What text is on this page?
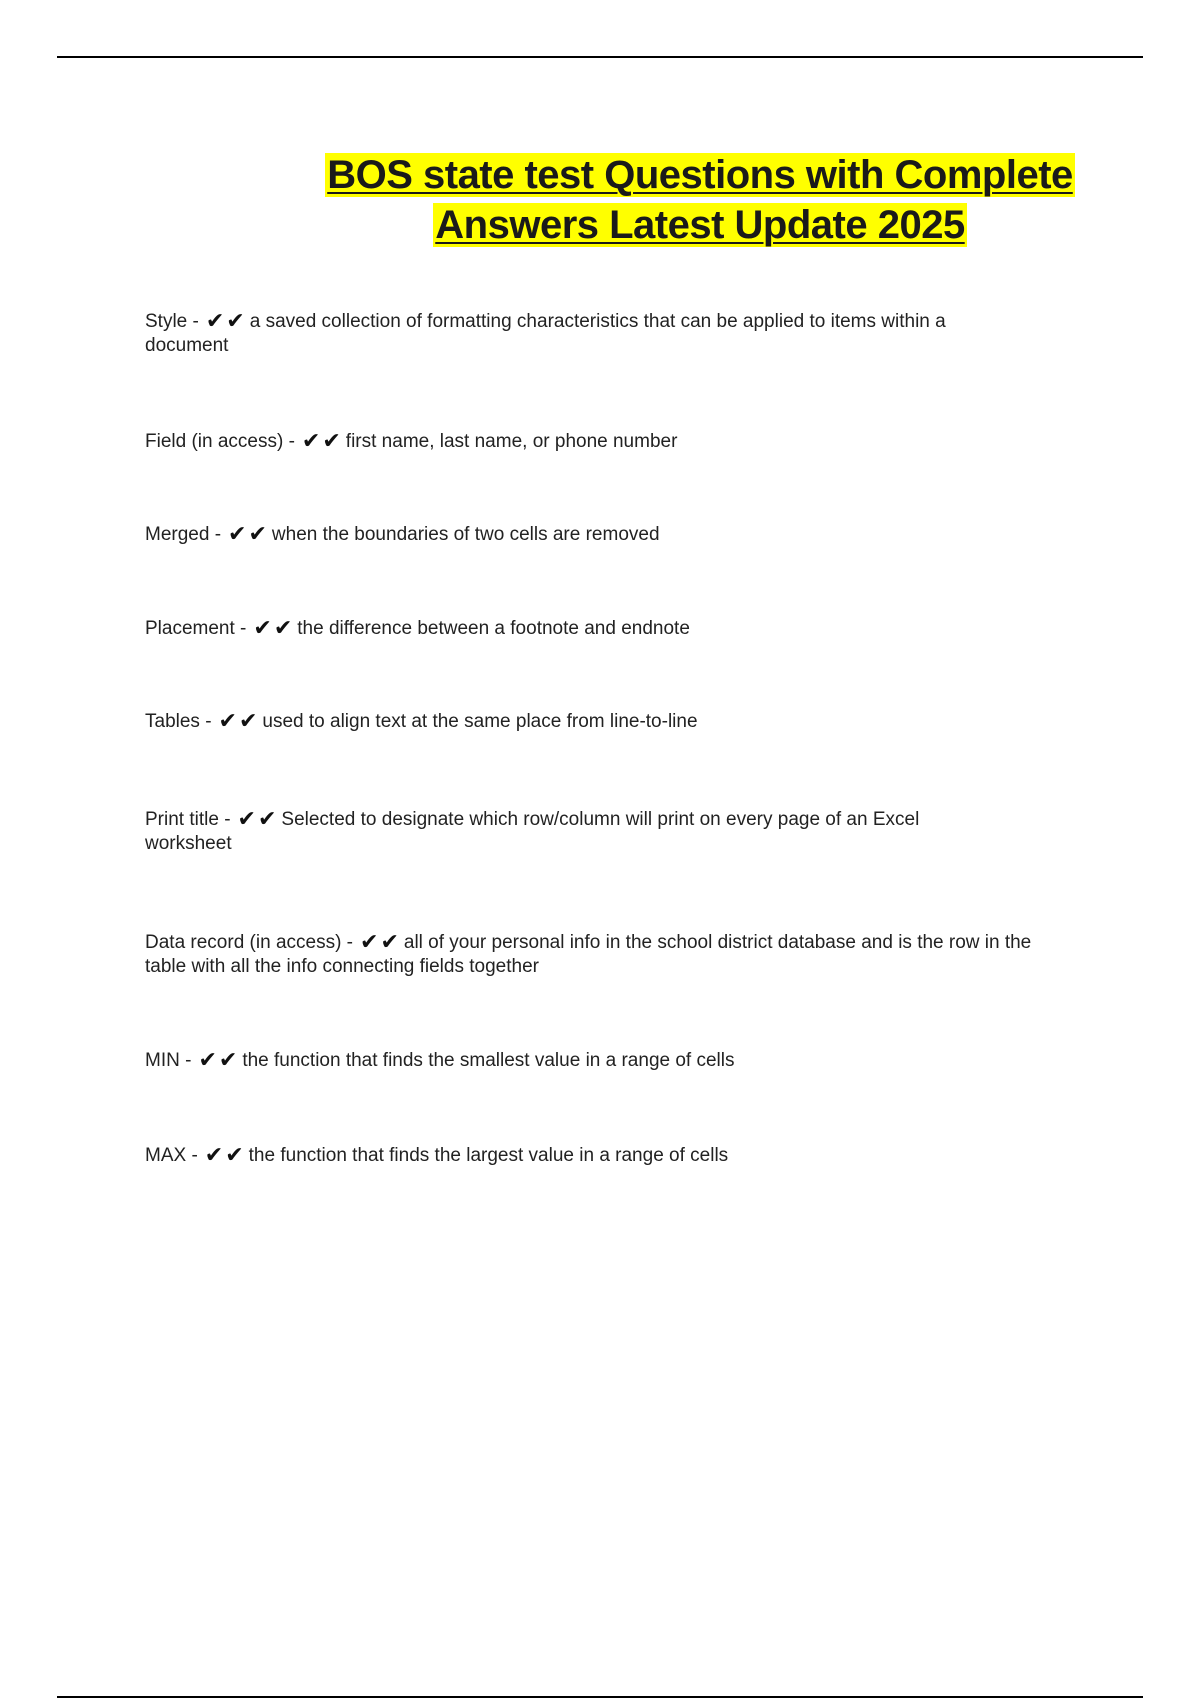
BOS state test Questions with Complete
Answers Latest Update 2025
Style - ✔✔ a saved collection of formatting characteristics that can be applied to items within a document
Field (in access) - ✔✔ first name, last name, or phone number
Merged - ✔✔ when the boundaries of two cells are removed
Placement - ✔✔ the difference between a footnote and endnote
Tables - ✔✔ used to align text at the same place from line-to-line
Print title - ✔✔ Selected to designate which row/column will print on every page of an Excel worksheet
Data record (in access) - ✔✔ all of your personal info in the school district database and is the row in the table with all the info connecting fields together
MIN - ✔✔ the function that finds the smallest value in a range of cells
MAX - ✔✔ the function that finds the largest value in a range of cells
